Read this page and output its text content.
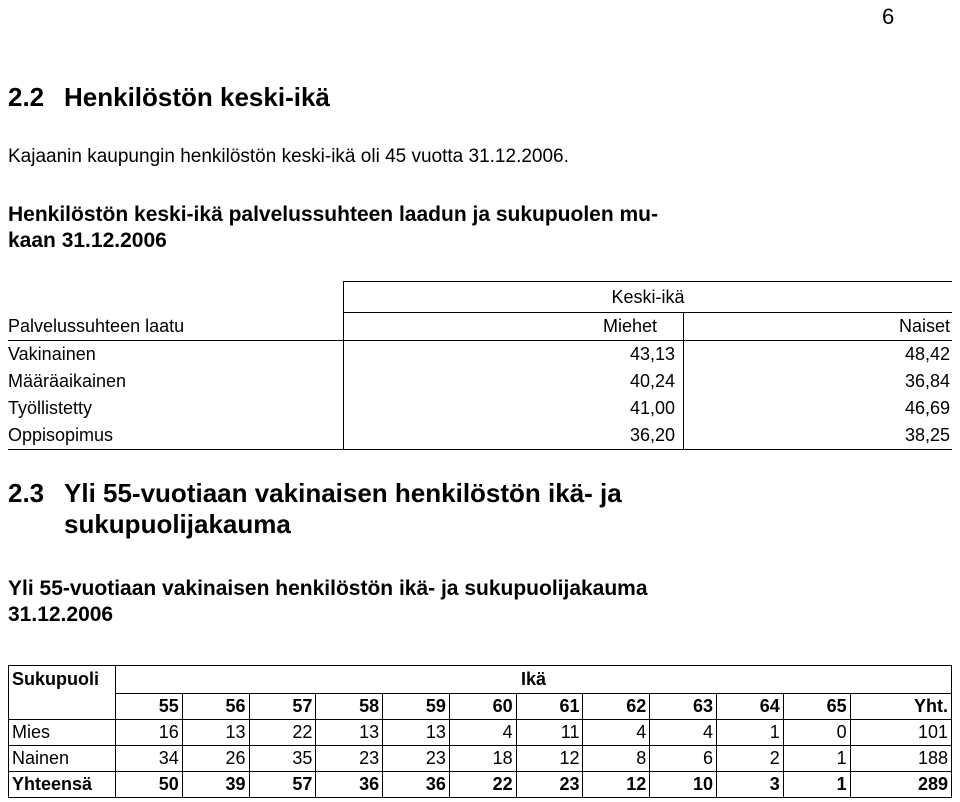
6
2.2 Henkilöstön keski-ikä

Kajaanin kaupungin henkilöstön keski-ikä oli 45 vuotta 31.12.2006.

Henkilöstön keski-ikä palvelussuhteen laadun ja sukupuolen mu-
kaan 31.12.2006
	Keski-ikä	
Palvelussuhteen laatu	Miehet	Naiset
Vakinainen	43,13	48,42
Määräaikainen	40,24	36,84
Työllistetty	41,00	46,69
Oppisopimus	36,20	38,25
2.3 Yli 55-vuotiaan vakinaisen henkilöstön ikä- ja
sukupuolijakauma
Yli 55-vuotiaan vakinaisen henkilöstön ikä- ja sukupuolijakauma
31.12.2006
Sukupuoli	Ikä											
	55	56	57	58	59	60	61	62	63	64	65	Yht.
Mies	16	13	22	13	13	4	11	4	4	1	0	101
Nainen	34	26	35	23	23	18	12	8	6	2	1	188
Yhteensä	50	39	57	36	36	22	23	12	10	3	1	289
